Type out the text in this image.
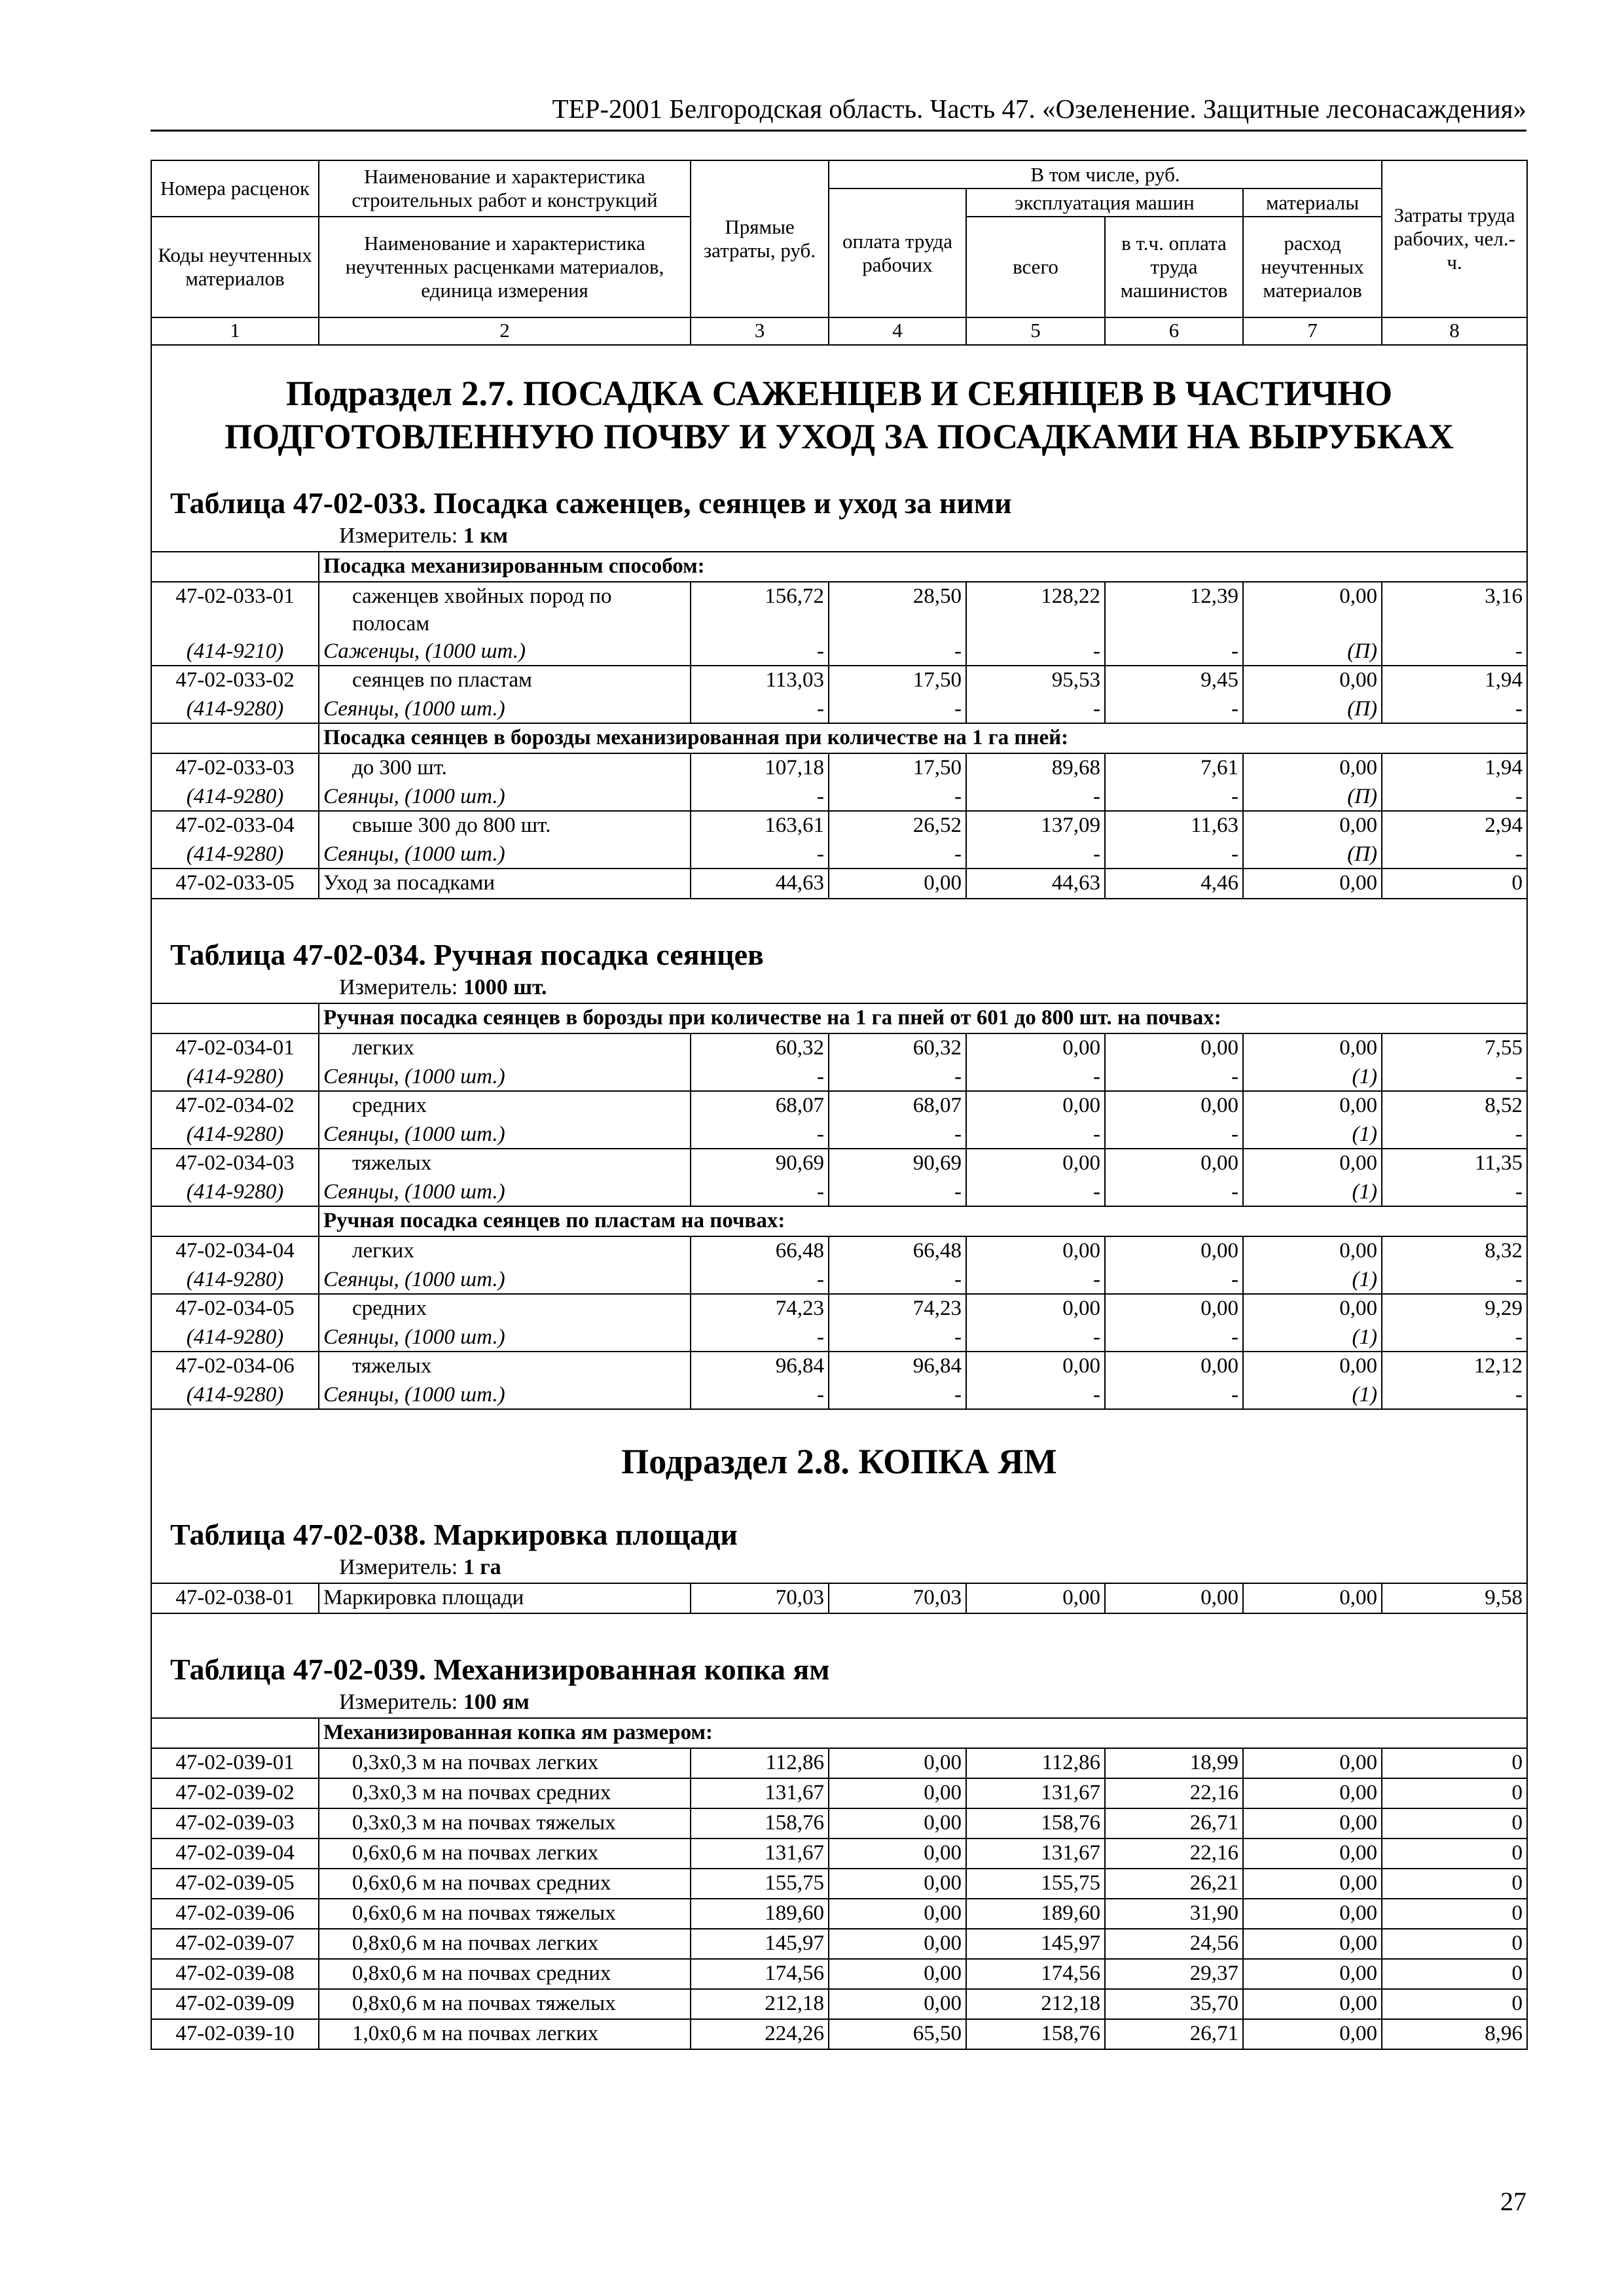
ТЕР-2001 Белгородская область. Часть 47. «Озеленение. Защитные лесонасаждения»
Номера расценок	Наименование и характеристика строительных работ и конструкций	Прямые затраты, руб.	В том числе, руб.				Затраты труда рабочих, чел.-ч.
			оплата труда рабочих	эксплуатация машин		материалы	
Коды неучтенных материалов	Наименование и характеристика неучтенных расценками материалов, единица измерения			всего	в т.ч. оплата труда машинистов	расход неучтенных материалов	
1	2	3	4	5	6	7	8

Подраздел 2.7. ПОСАДКА САЖЕНЦЕВ И СЕЯНЦЕВ В ЧАСТИЧНО
ПОДГОТОВЛЕННУЮ ПОЧВУ И УХОД ЗА ПОСАДКАМИ НА ВЫРУБКАХ							

Таблица 47-02-033. Посадка саженцев, сеянцев и уход за ними							

Измеритель: 1 км							

	Посадка механизированным способом:						
47-02-033-01	саженцев хвойных пород по полосам	156,72	28,50	128,22	12,39	0,00	3,16
(414-9210)	Саженцы, (1000 шт.)	-	-	-	-	(П)	-
47-02-033-02	сеянцев по пластам	113,03	17,50	95,53	9,45	0,00	1,94
(414-9280)	Сеянцы, (1000 шт.)	-	-	-	-	(П)	-
	Посадка сеянцев в борозды механизированная при количестве на 1 га пней:						
47-02-033-03	до 300 шт.	107,18	17,50	89,68	7,61	0,00	1,94
(414-9280)	Сеянцы, (1000 шт.)	-	-	-	-	(П)	-
47-02-033-04	свыше 300 до 800 шт.	163,61	26,52	137,09	11,63	0,00	2,94
(414-9280)	Сеянцы, (1000 шт.)	-	-	-	-	(П)	-
47-02-033-05	Уход за посадками	44,63	0,00	44,63	4,46	0,00	0

Таблица 47-02-034. Ручная посадка сеянцев							

Измеритель: 1000 шт.							

	Ручная посадка сеянцев в борозды при количестве на 1 га пней от 601 до 800 шт. на почвах:						
47-02-034-01	легких	60,32	60,32	0,00	0,00	0,00	7,55
(414-9280)	Сеянцы, (1000 шт.)	-	-	-	-	(1)	-
47-02-034-02	средних	68,07	68,07	0,00	0,00	0,00	8,52
(414-9280)	Сеянцы, (1000 шт.)	-	-	-	-	(1)	-
47-02-034-03	тяжелых	90,69	90,69	0,00	0,00	0,00	11,35
(414-9280)	Сеянцы, (1000 шт.)	-	-	-	-	(1)	-
	Ручная посадка сеянцев по пластам на почвах:						
47-02-034-04	легких	66,48	66,48	0,00	0,00	0,00	8,32
(414-9280)	Сеянцы, (1000 шт.)	-	-	-	-	(1)	-
47-02-034-05	средних	74,23	74,23	0,00	0,00	0,00	9,29
(414-9280)	Сеянцы, (1000 шт.)	-	-	-	-	(1)	-
47-02-034-06	тяжелых	96,84	96,84	0,00	0,00	0,00	12,12
(414-9280)	Сеянцы, (1000 шт.)	-	-	-	-	(1)	-

Подраздел 2.8. КОПКА ЯМ							

Таблица 47-02-038. Маркировка площади							

Измеритель: 1 га							

47-02-038-01	Маркировка площади	70,03	70,03	0,00	0,00	0,00	9,58

Таблица 47-02-039. Механизированная копка ям							

Измеритель: 100 ям							

	Механизированная копка ям размером:						
47-02-039-01	0,3х0,3 м на почвах легких	112,86	0,00	112,86	18,99	0,00	0
47-02-039-02	0,3х0,3 м на почвах средних	131,67	0,00	131,67	22,16	0,00	0
47-02-039-03	0,3х0,3 м на почвах тяжелых	158,76	0,00	158,76	26,71	0,00	0
47-02-039-04	0,6х0,6 м на почвах легких	131,67	0,00	131,67	22,16	0,00	0
47-02-039-05	0,6х0,6 м на почвах средних	155,75	0,00	155,75	26,21	0,00	0
47-02-039-06	0,6х0,6 м на почвах тяжелых	189,60	0,00	189,60	31,90	0,00	0
47-02-039-07	0,8х0,6 м на почвах легких	145,97	0,00	145,97	24,56	0,00	0
47-02-039-08	0,8х0,6 м на почвах средних	174,56	0,00	174,56	29,37	0,00	0
47-02-039-09	0,8х0,6 м на почвах тяжелых	212,18	0,00	212,18	35,70	0,00	0
47-02-039-10	1,0х0,6 м на почвах легких	224,26	65,50	158,76	26,71	0,00	8,96
27
